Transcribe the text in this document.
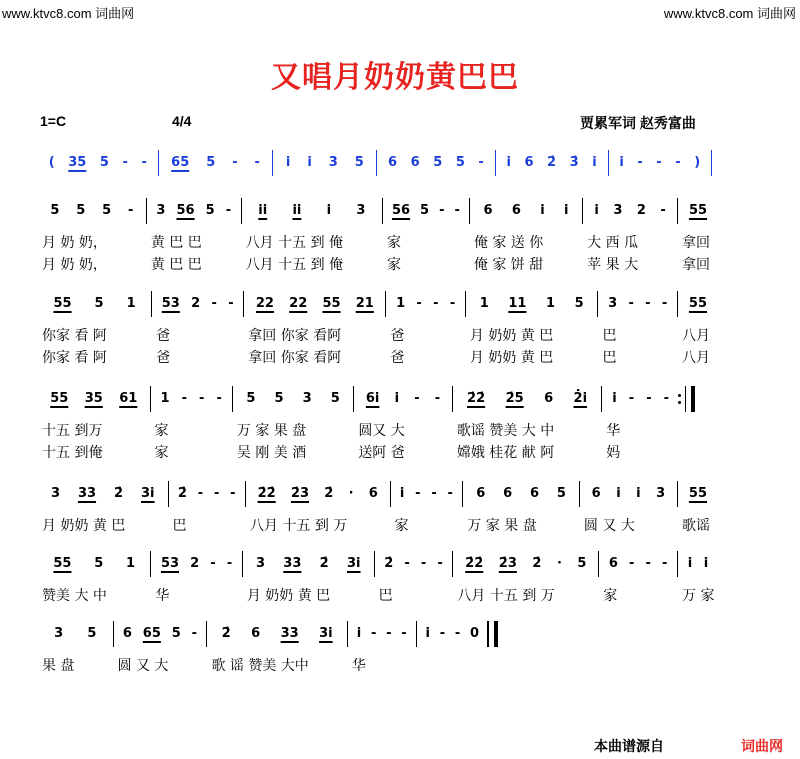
www.ktvc8.com 词曲网	www.ktvc8.com 词曲网
又唱月奶奶黄巴巴
1=C	4/4	贾累军词 赵秀富曲
( 35 5 - - 65 5 - - i i 3 5 6 6 5 5 - i 6 2̇ 3̇ i i - - - )
5 5 5 -
月 奶 奶，
月 奶 奶，
3 56 5 -
黄 巴 巴
黄 巴 巴
ii ii i 3
八月 十五 到 俺
八月 十五 到 俺
56 5 - -
家
家
6 6 i i
俺 家 送 你
俺 家 饼 甜
i 3 2 -
大 西 瓜
苹 果 大
55
拿回
拿回
55 5 1
你家 看 阿
你家 看 阿
53 2 - -
爸
爸
22 22 55 21
拿回 你家 看阿
拿回 你家 看阿
1 - - -
爸
爸
1 11 1 5
月 奶奶 黄 巴
月 奶奶 黄 巴
3 - - -
巴
巴
55
八月
八月
55 35 61
十五 到万
十五 到俺
1 - - -
家
家
5 5 3 5
万 家 果 盘
吴 刚 美 酒
6i i - -
圆又 大
送阿 爸
2̇2̇ 2̇5 6 2̇i
歌谣 赞美 大 中
嫦娥 桂花 献 阿
i - - -
华
妈
3 33 2̇ 3i
月 奶奶 黄 巴
2̇ - - -
巴
2̇2̇ 2̇3 2̇ · 6
八月 十五 到 万
i - - -
家
6 6 6 5
万 家 果 盘
6 i i 3
圆 又 大
55
歌谣
55 5 1
赞美 大 中
53 2 - -
华
3 33 2̇ 3i
月 奶奶 黄 巴
2̇ - - -
巴
2̇2̇ 2̇3 2̇ · 5
八月 十五 到 万
6 - - -
家
i i
万 家
3 5
果 盘
6 65 5 -
圆 又 大
2̇ 6 33 3i
歌 谣 赞美 大中
i - - -
华
i - - 0
本曲谱源自	词曲网
